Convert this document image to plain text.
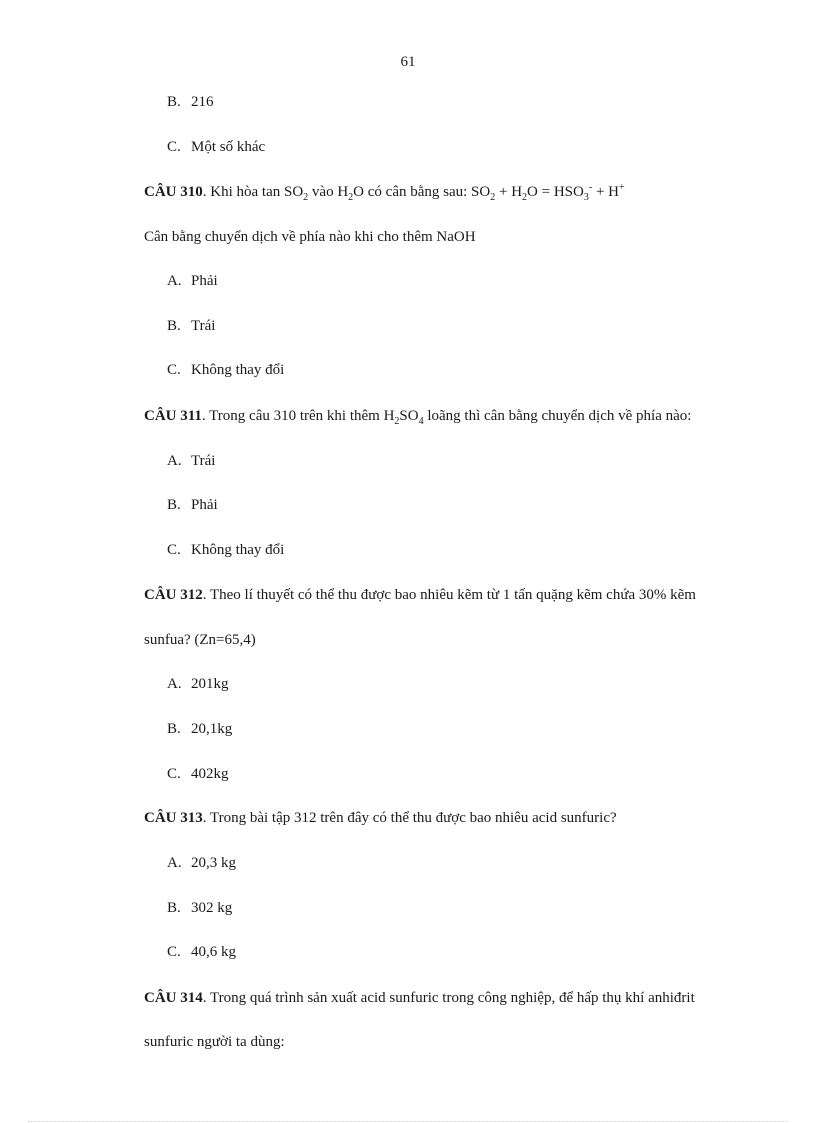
61
B. 216
C. Một số khác
CÂU 310. Khi hòa $\tan SO_2$ vào $H_2O$ có cân bằng sau: $SO_2 + H_2O = HSO_3^- + H^+$
Cân bằng chuyển dịch về phía nào khi cho thêm NaOH
A. Phải
B. Trái
C. Không thay đổi
CÂU 311. Trong câu 310 trên khi thêm $H_2SO_4$ loãng thì cân bằng chuyển dịch về phía nào:
A. Trái
B. Phải
C. Không thay đổi
CÂU 312. Theo lí thuyết có thể thu được bao nhiêu kẽm từ 1 tấn quặng kẽm chứa 30% kẽm
sunfua? (Zn=65,4)
A. 201kg
B. 20,1kg
C. 402kg
CÂU 313. Trong bài tập 312 trên đây có thể thu được bao nhiêu acid sunfuric?
A. 20,3 kg
B. 302 kg
C. 40,6 kg
CÂU 314. Trong quá trình sản xuất acid sunfuric trong công nghiệp, để hấp thụ khí anhiđrit
sunfuric người ta dùng:
